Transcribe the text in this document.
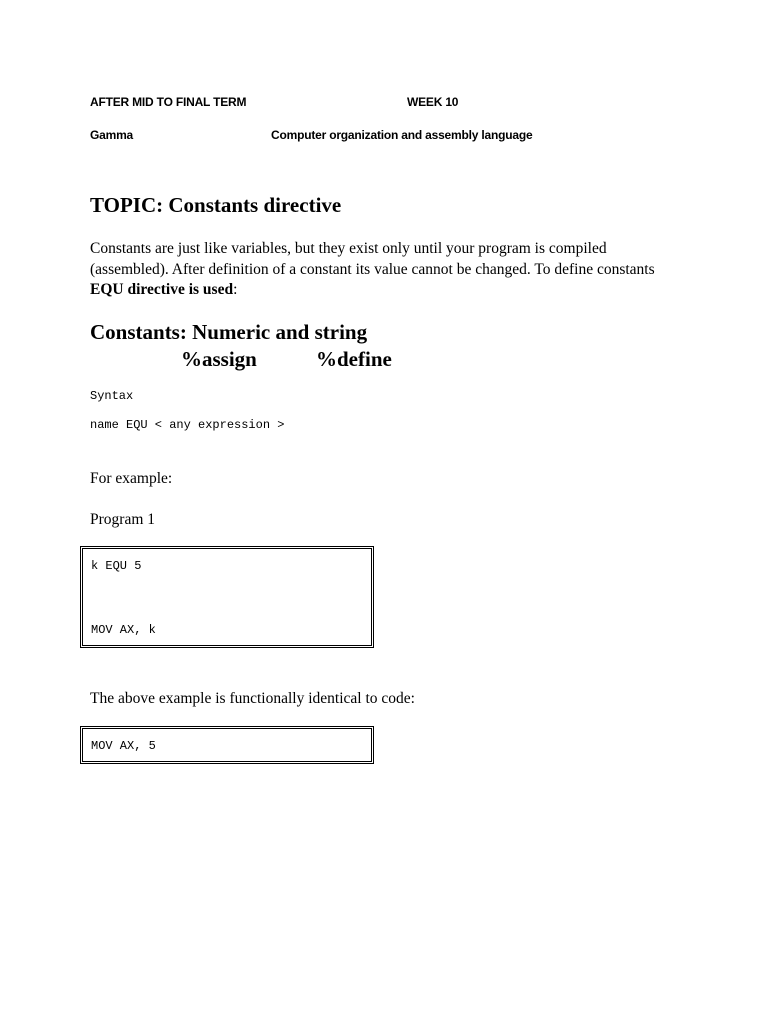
AFTER MID TO FINAL TERM	WEEK 10
Gamma	Computer organization and assembly language
TOPIC: Constants directive
Constants are just like variables, but they exist only until your program is compiled (assembled). After definition of a constant its value cannot be changed. To define constants EQU directive is used:
Constants: Numeric and string
%assign	%define
Syntax
name EQU < any expression >
For example:
Program 1
k EQU 5
MOV AX, k
The above example is functionally identical to code:
MOV AX, 5
